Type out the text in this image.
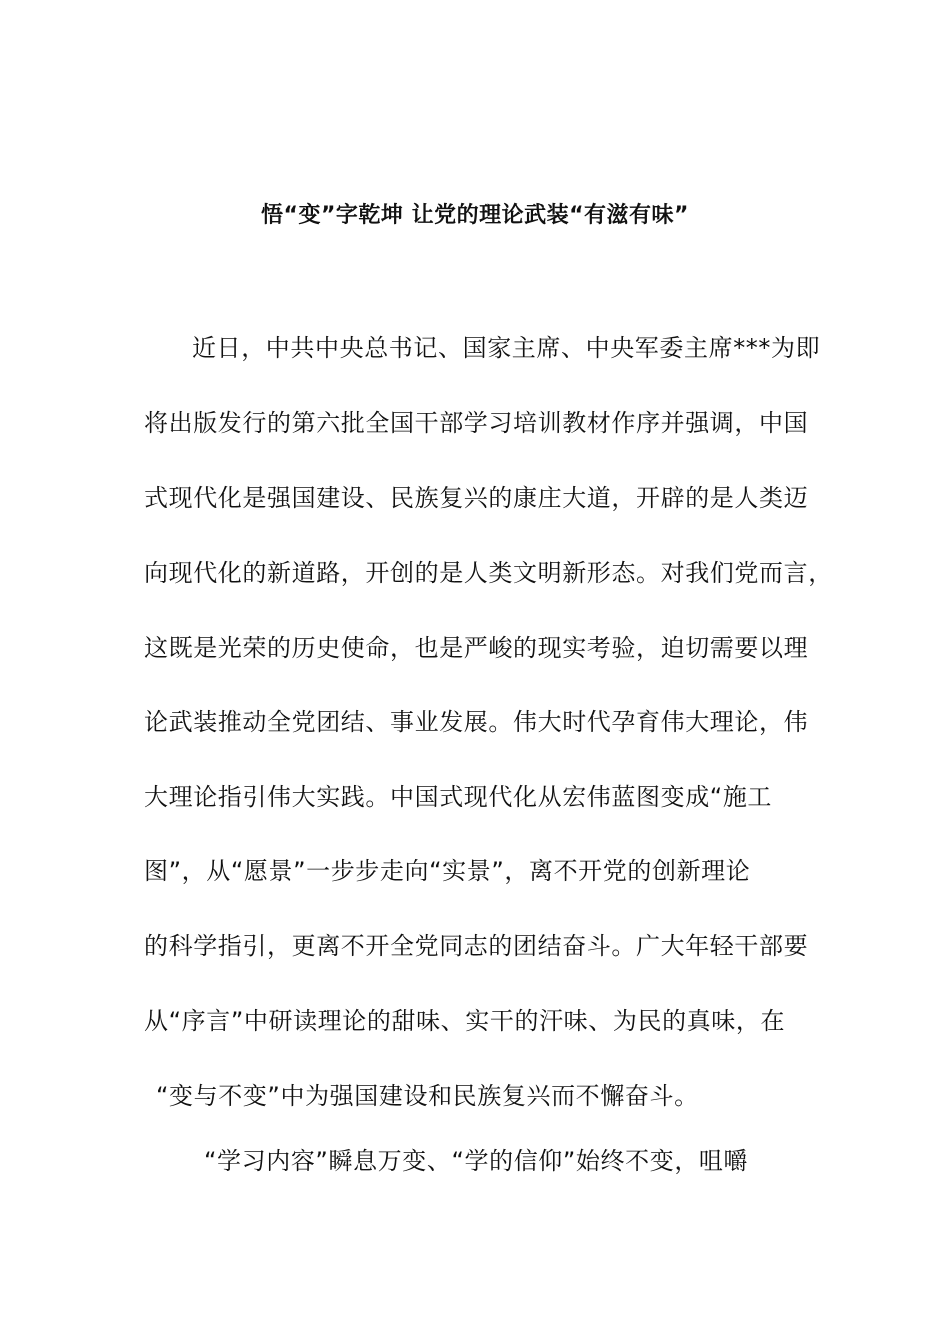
悟“变”字乾坤 让党的理论武装“有滋有味”
近日，中共中央总书记、国家主席、中央军委主席***为即
将出版发行的第六批全国干部学习培训教材作序并强调，中国
式现代化是强国建设、民族复兴的康庄大道，开辟的是人类迈
向现代化的新道路，开创的是人类文明新形态。对我们党而言，
这既是光荣的历史使命，也是严峻的现实考验，迫切需要以理
论武装推动全党团结、事业发展。伟大时代孕育伟大理论，伟
大理论指引伟大实践。中国式现代化从宏伟蓝图变成“施工
图”，从“愿景”一步步走向“实景”，离不开党的创新理论
的科学指引，更离不开全党同志的团结奋斗。广大年轻干部要
从“序言”中研读理论的甜味、实干的汗味、为民的真味，在
“变与不变”中为强国建设和民族复兴而不懈奋斗。
“学习内容”瞬息万变、“学的信仰”始终不变，咀嚼
